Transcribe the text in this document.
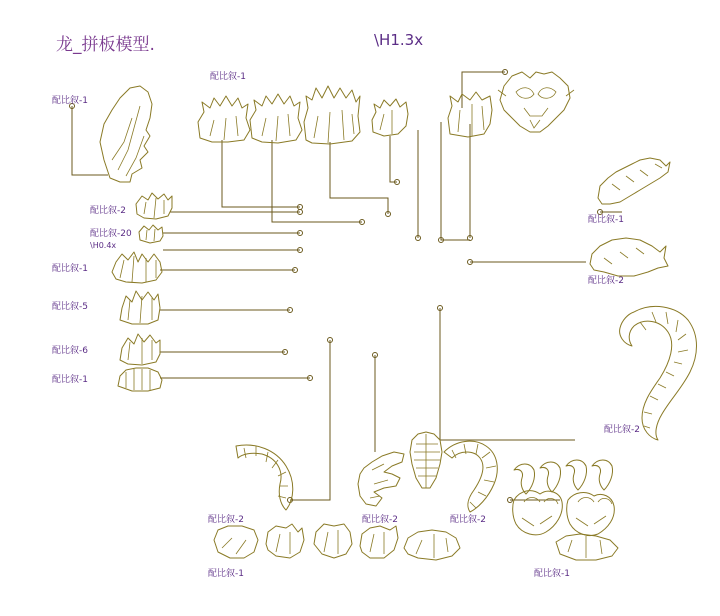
龙_拼板模型.	\H1.3x
配比叙-1
配比叙-1
配比叙-2
配比叙-20
\H0.4x
配比叙-1
配比叙-5
配比叙-6
配比叙-1
配比叙-1
配比叙-2
配比叙-2
配比叙-2	配比叙-2	配比叙-2
配比叙-1	配比叙-1
